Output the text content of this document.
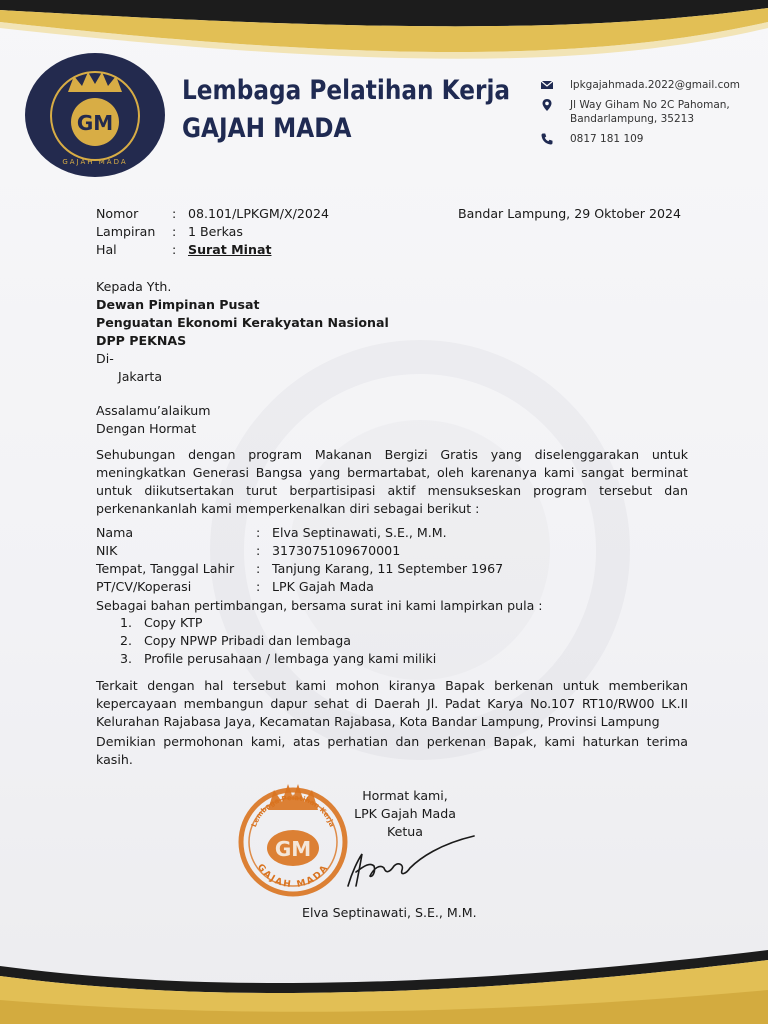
GM
GAJAH MADA
Lembaga Pelatihan Kerja
GAJAH MADA
lpkgajahmada.2022@gmail.com
Jl Way Giham No 2C Pahoman,
Bandarlampung, 35213
0817 181 109
Nomor	: 08.101/LPKGM/X/2024
Lampiran	: 1 Berkas
Hal	: Surat Minat
Bandar Lampung, 29 Oktober 2024
Kepada Yth.
Dewan Pimpinan Pusat
Penguatan Ekonomi Kerakyatan Nasional
DPP PEKNAS
Di-
Jakarta
Assalamu’alaikum
Dengan Hormat
Sehubungan dengan program Makanan Bergizi Gratis yang diselenggarakan untuk meningkatkan Generasi Bangsa yang bermartabat, oleh karenanya kami sangat berminat untuk diikutsertakan turut berpartisipasi aktif mensukseskan program tersebut dan perkenankanlah kami memperkenalkan diri sebagai berikut :
Nama	: Elva Septinawati, S.E., M.M.
NIK	: 3173075109670001
Tempat, Tanggal Lahir	: Tanjung Karang, 11 September 1967
PT/CV/Koperasi	: LPK Gajah Mada
Sebagai bahan pertimbangan, bersama surat ini kami lampirkan pula :
1. Copy KTP
2. Copy NPWP Pribadi dan lembaga
3. Profile perusahaan / lembaga yang kami miliki
Terkait dengan hal tersebut kami mohon kiranya Bapak berkenan untuk memberikan kepercayaan membangun dapur sehat di Daerah Jl. Padat Karya No.107 RT10/RW00 LK.II Kelurahan Rajabasa Jaya, Kecamatan Rajabasa, Kota Bandar Lampung, Provinsi Lampung
Demikian permohonan kami, atas perhatian dan perkenan Bapak, kami haturkan terima kasih.
Hormat kami,
LPK Gajah Mada
Ketua
GM
Lembaga Pelatihan Kerja
GAJAH MADA
Elva Septinawati, S.E., M.M.
